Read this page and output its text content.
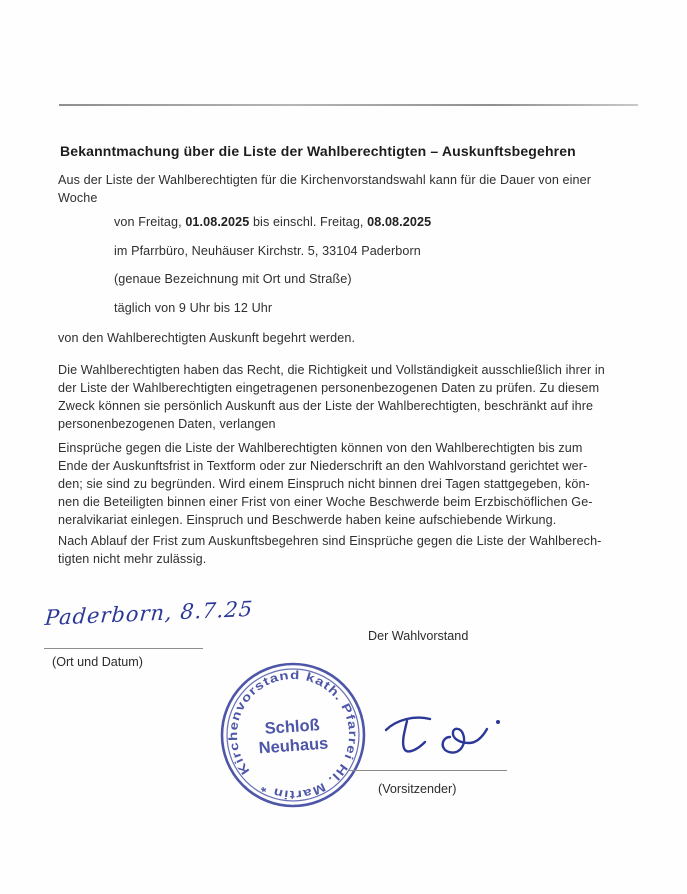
Bekanntmachung über die Liste der Wahlberechtigten – Auskunftsbegehren
Aus der Liste der Wahlberechtigten für die Kirchenvorstandswahl kann für die Dauer von einer
Woche
von Freitag, 01.08.2025 bis einschl. Freitag, 08.08.2025
im Pfarrbüro, Neuhäuser Kirchstr. 5, 33104 Paderborn
(genaue Bezeichnung mit Ort und Straße)
täglich von 9 Uhr bis 12 Uhr
von den Wahlberechtigten Auskunft begehrt werden.
Die Wahlberechtigten haben das Recht, die Richtigkeit und Vollständigkeit ausschließlich ihrer in
der Liste der Wahlberechtigten eingetragenen personenbezogenen Daten zu prüfen. Zu diesem
Zweck können sie persönlich Auskunft aus der Liste der Wahlberechtigten, beschränkt auf ihre
personenbezogenen Daten, verlangen
Einsprüche gegen die Liste der Wahlberechtigten können von den Wahlberechtigten bis zum
Ende der Auskunftsfrist in Textform oder zur Niederschrift an den Wahlvorstand gerichtet wer-
den; sie sind zu begründen. Wird einem Einspruch nicht binnen drei Tagen stattgegeben, kön-
nen die Beteiligten binnen einer Frist von einer Woche Beschwerde beim Erzbischöflichen Ge-
neralvikariat einlegen. Einspruch und Beschwerde haben keine aufschiebende Wirkung.
Nach Ablauf der Frist zum Auskunftsbegehren sind Einsprüche gegen die Liste der Wahlberech-
tigten nicht mehr zulässig.
Paderborn, 8.7.25
(Ort und Datum)
Der Wahlvorstand
Kirchenvorstand kath. Pfarrei Hl. Martin *
Schloß
Neuhaus
(Vorsitzender)
